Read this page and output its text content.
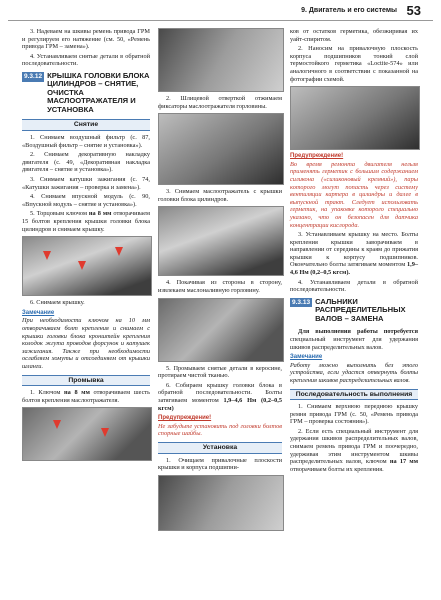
9. Двигатель и его системы 53

3. Надеваем на шкивы ремень привода ГРМ и регулируем его натяжение (см. 50, «Ремень привода ГРМ – замена»).

4. Устанавливаем снятые детали в обратной последовательности.

9.3.12 КРЫШКА ГОЛОВКИ БЛОКА ЦИЛИНДРОВ – СНЯТИЕ, ОЧИСТКА МАСЛООТРАЖАТЕЛЯ И УСТАНОВКА
Снятие

1. Снимаем воздушный фильтр (с. 87, «Воздушный фильтр – снятие и установка»).

2. Снимаем декоративную накладку двигателя (с. 49, «Декоративная накладка двигателя – снятие и установка»).

3. Снимаем катушки зажигания (с. 74, «Катушки зажигания – проверка и замена»).

4. Снимаем впускной модуль (с. 90, «Впускной модуль – снятие и установка»).

5. Торцовым ключом на 8 мм отворачиваем 15 болтов крепления крышки головки блока цилиндров и снимаем крышку.

6. Снимаем крышку.

Замечание

При необходимости ключом на 10 мм отворачиваем болт крепления и снимаем с крышки головки блока кронштейн крепления колодок жгута проводов форсунок и катушек зажигания. Также при необходимости ослабляем хомуты и отсоединяем от крышки шланги.

Промывка

1. Ключом на 8 мм отворачиваем шесть болтов крепления маслоотражателя.

2. Шлицевой отверткой отжимаем фиксаторы маслоотражателя горловины.

3. Снимаем маслоотражатель с крышки головки блока цилиндров.

4. Покачивая из стороны в сторону, извлекаем маслоналивную горловину.

5. Промываем снятые детали в керосине, протираем чистой тканью.

6. Собираем крышку головки блока в обратной последовательности. Болты затягиваем моментом 1,9–4,6 Нм (0,2–0,5 кгсм)

Предупреждение!

Не забудьте установить под головки болтов спорные шайбы.

Установка

1. Очищаем привалочные плоскости крышки и корпуса подшипни-

ков от остатков герметика, обезжиривая их уайт-спиритом.

2. Наносим на привалочную плоскость корпуса подшипников тонкий слой термостойкого герметика «Loctite-574» или аналогичного в соответствии с показанной на фотографии схемой.

Предупреждение!

Во время ремонта двигателя нельзя применять герметик с большим содержанием силикона («силиконовый кремний»), пары которого могут попасть через систему вентиляции картера в цилиндры и далее в выпускной тракт. Следует использовать герметик, на упаковке которого специально указано, что он безопасен для датчика концентрации кислорода.

3. Устанавливаем крышку на место. Болты крепления крышки заворачиваем в направлении от середины к краям до прижатия крышки к корпусу подшипников. Окончательно болты затягиваем моментом 1,9–4,6 Нм (0,2–0,5 кгсм).

4. Устанавливаем детали в обратной последовательности.

9.3.13 САЛЬНИКИ РАСПРЕДЕЛИТЕЛЬНЫХ ВАЛОВ – ЗАМЕНА

Для выполнения работы потребуется специальный инструмент для удержания шкивов распределительных валов.

Замечание

Работу можно выполнить без этого устройства, если удастся отвернуть болты крепления шкивов распределительных валов.

Последовательность выполнения

1. Снимаем верхнюю переднюю крышку ремня привода ГРМ (с. 50, «Ремень привода ГРМ – проверка состояния»).

2. Если есть специальный инструмент для удержания шкивов распределительных валов, снимаем ремень привода ГРМ и поочередно, удерживая этим инструментом шкивы распределительных валов, ключом на 17 мм отворачиваем болты их крепления.
